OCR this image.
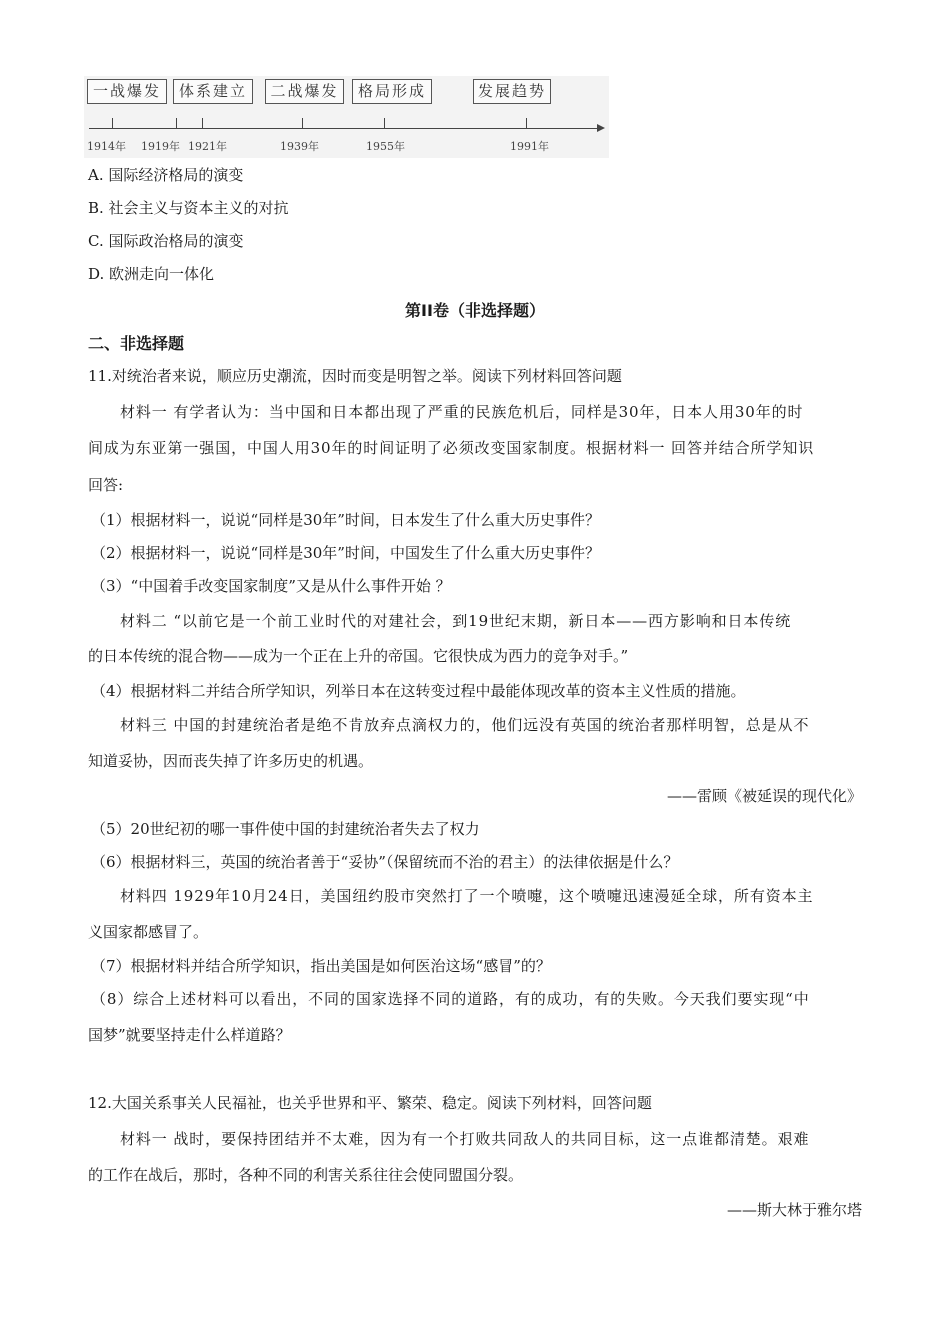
一战爆发	体系建立	二战爆发	格局形成	发展趋势
1914年 1919年 1921年	1939年	1955年	1991年
A. 国际经济格局的演变
B. 社会主义与资本主义的对抗
C. 国际政治格局的演变
D. 欧洲走向一体化
第II卷（非选择题）
二、非选择题
11.对统治者来说，顺应历史潮流，因时而变是明智之举。阅读下列材料回答问题
材料一 有学者认为：当中国和日本都出现了严重的民族危机后，同样是30年，日本人用30年的时
间成为东亚第一强国，中国人用30年的时间证明了必须改变国家制度。根据材料一 回答并结合所学知识
回答:
（1）根据材料一，说说“同样是30年”时间，日本发生了什么重大历史事件？
（2）根据材料一，说说“同样是30年”时间，中国发生了什么重大历史事件？
（3）“中国着手改变国家制度”又是从什么事件开始 ？
材料二 “以前它是一个前工业时代的对建社会，到19世纪末期，新日本——西方影响和日本传统
的日本传统的混合物——成为一个正在上升的帝国。它很快成为西力的竞争对手。”
（4）根据材料二并结合所学知识，列举日本在这转变过程中最能体现改革的资本主义性质的措施。
材料三 中国的封建统治者是绝不肯放弃点滴权力的，他们远没有英国的统治者那样明智，总是从不
知道妥协，因而丧失掉了许多历史的机遇。
——雷顾《被延误的现代化》
（5）20世纪初的哪一事件使中国的封建统治者失去了权力
（6）根据材料三，英国的统治者善于“妥协”（保留统而不治的君主）的法律依据是什么？
材料四 1929年10月24日，美国纽约股市突然打了一个喷嚏，这个喷嚏迅速漫延全球，所有资本主
义国家都感冒了。
（7）根据材料并结合所学知识，指出美国是如何医治这场“感冒”的？
（8）综合上述材料可以看出，不同的国家选择不同的道路，有的成功，有的失败。今天我们要实现“中
国梦”就要坚持走什么样道路？
12.大国关系事关人民福祉，也关乎世界和平、繁荣、稳定。阅读下列材料，回答问题
材料一 战时，要保持团结并不太难，因为有一个打败共同敌人的共同目标，这一点谁都清楚。艰难
的工作在战后，那时，各种不同的利害关系往往会使同盟国分裂。
——斯大林于雅尔塔
